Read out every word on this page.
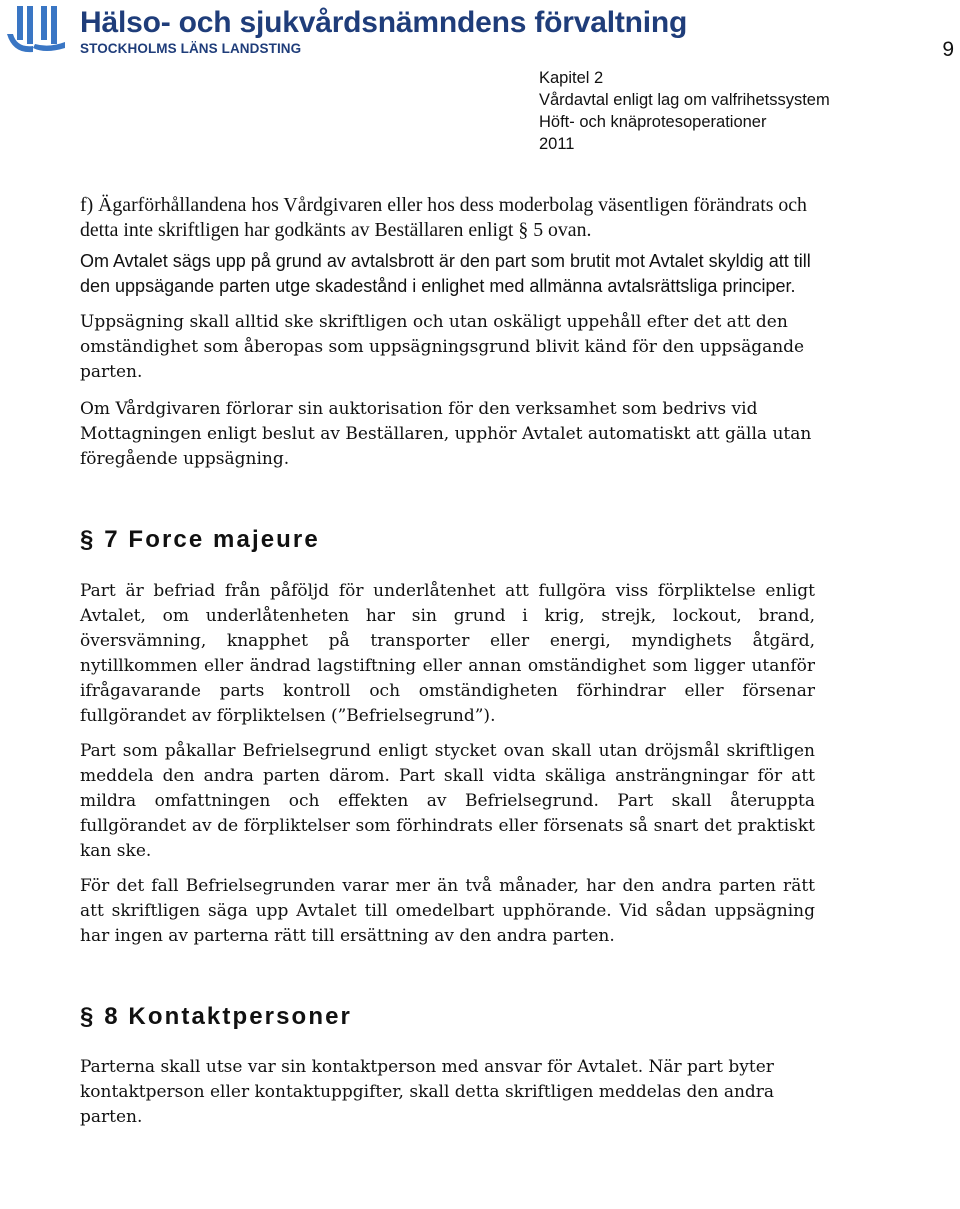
Hälso- och sjukvårdsnämndens förvaltning
STOCKHOLMS LÄNS LANDSTING	9
Kapitel 2
Vårdavtal enligt lag om valfrihetssystem
Höft- och knäprotesoperationer
2011

f) Ägarförhållandena hos Vårdgivaren eller hos dess moderbolag väsentligen förändrats och detta inte skriftligen har godkänts av Beställaren enligt § 5 ovan.

Om Avtalet sägs upp på grund av avtalsbrott är den part som brutit mot Avtalet skyldig att till den uppsägande parten utge skadestånd i enlighet med allmänna avtalsrättsliga principer.

Uppsägning skall alltid ske skriftligen och utan oskäligt uppehåll efter det att den omständighet som åberopas som uppsägningsgrund blivit känd för den uppsägande parten.

Om Vårdgivaren förlorar sin auktorisation för den verksamhet som bedrivs vid Mottagningen enligt beslut av Beställaren, upphör Avtalet automatiskt att gälla utan föregående uppsägning.

§ 7 Force majeure

Part är befriad från påföljd för underlåtenhet att fullgöra viss förpliktelse enligt Avtalet, om underlåtenheten har sin grund i krig, strejk, lockout, brand, översvämning, knapphet på transporter eller energi, myndighets åtgärd, nytillkommen eller ändrad lagstiftning eller annan omständighet som ligger utanför ifrågavarande parts kontroll och omständigheten förhindrar eller försenar fullgörandet av förpliktelsen (”Befrielsegrund”).

Part som påkallar Befrielsegrund enligt stycket ovan skall utan dröjsmål skriftligen meddela den andra parten därom. Part skall vidta skäliga ansträngningar för att mildra omfattningen och effekten av Befrielsegrund. Part skall återuppta fullgörandet av de förpliktelser som förhindrats eller försenats så snart det praktiskt kan ske.

För det fall Befrielsegrunden varar mer än två månader, har den andra parten rätt att skriftligen säga upp Avtalet till omedelbart upphörande. Vid sådan uppsägning har ingen av parterna rätt till ersättning av den andra parten.

§ 8 Kontaktpersoner

Parterna skall utse var sin kontaktperson med ansvar för Avtalet. När part byter kontaktperson eller kontaktuppgifter, skall detta skriftligen meddelas den andra parten.
